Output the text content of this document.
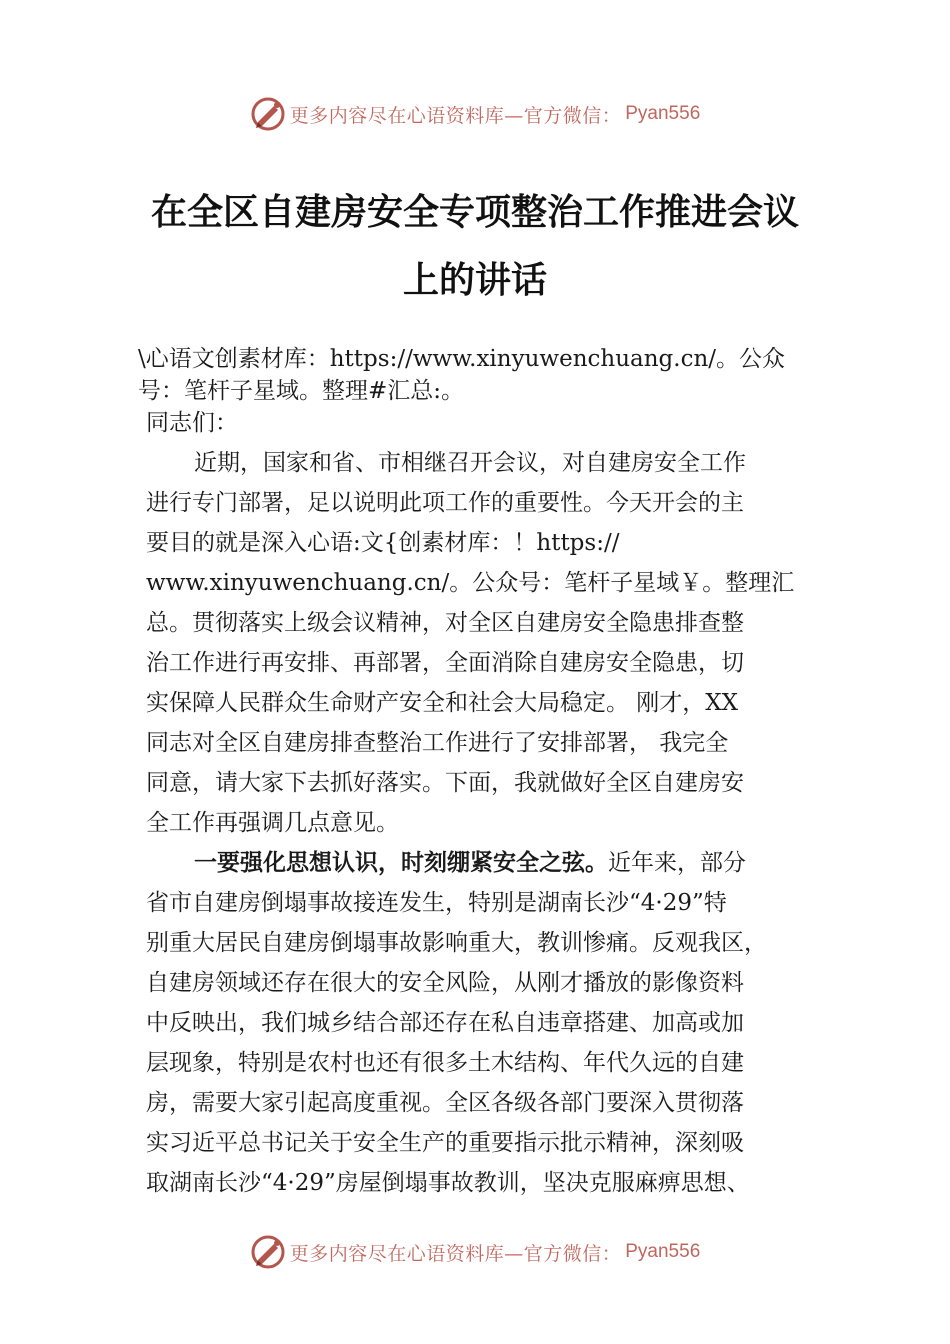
更多内容尽在心语资料库—官方微信： Pyan556
在全区自建房安全专项整治工作推进会议
上的讲话
\心语文创素材库：https://www.xinyuwenchuang.cn/。公众
号：笔杆子星域。整理#汇总:。
同志们：
近期，国家和省、市相继召开会议，对自建房安全工作
进行专门部署，足以说明此项工作的重要性。今天开会的主
要目的就是深入心语:文{创素材库：！https://
www.xinyuwenchuang.cn/。公众号：笔杆子星域￥。整理汇
总。贯彻落实上级会议精神，对全区自建房安全隐患排查整
治工作进行再安排、再部署，全面消除自建房安全隐患，切
实保障人民群众生命财产安全和社会大局稳定。 刚才，XX
同志对全区自建房排查整治工作进行了安排部署， 我完全
同意，请大家下去抓好落实。下面，我就做好全区自建房安
全工作再强调几点意见。
一要强化思想认识，时刻绷紧安全之弦。近年来，部分
省市自建房倒塌事故接连发生，特别是湖南长沙“4·29”特
别重大居民自建房倒塌事故影响重大，教训惨痛。反观我区，
自建房领域还存在很大的安全风险，从刚才播放的影像资料
中反映出，我们城乡结合部还存在私自违章搭建、加高或加
层现象，特别是农村也还有很多土木结构、年代久远的自建
房，需要大家引起高度重视。全区各级各部门要深入贯彻落
实习近平总书记关于安全生产的重要指示批示精神，深刻吸
取湖南长沙“4·29”房屋倒塌事故教训，坚决克服麻痹思想、
更多内容尽在心语资料库—官方微信： Pyan556
